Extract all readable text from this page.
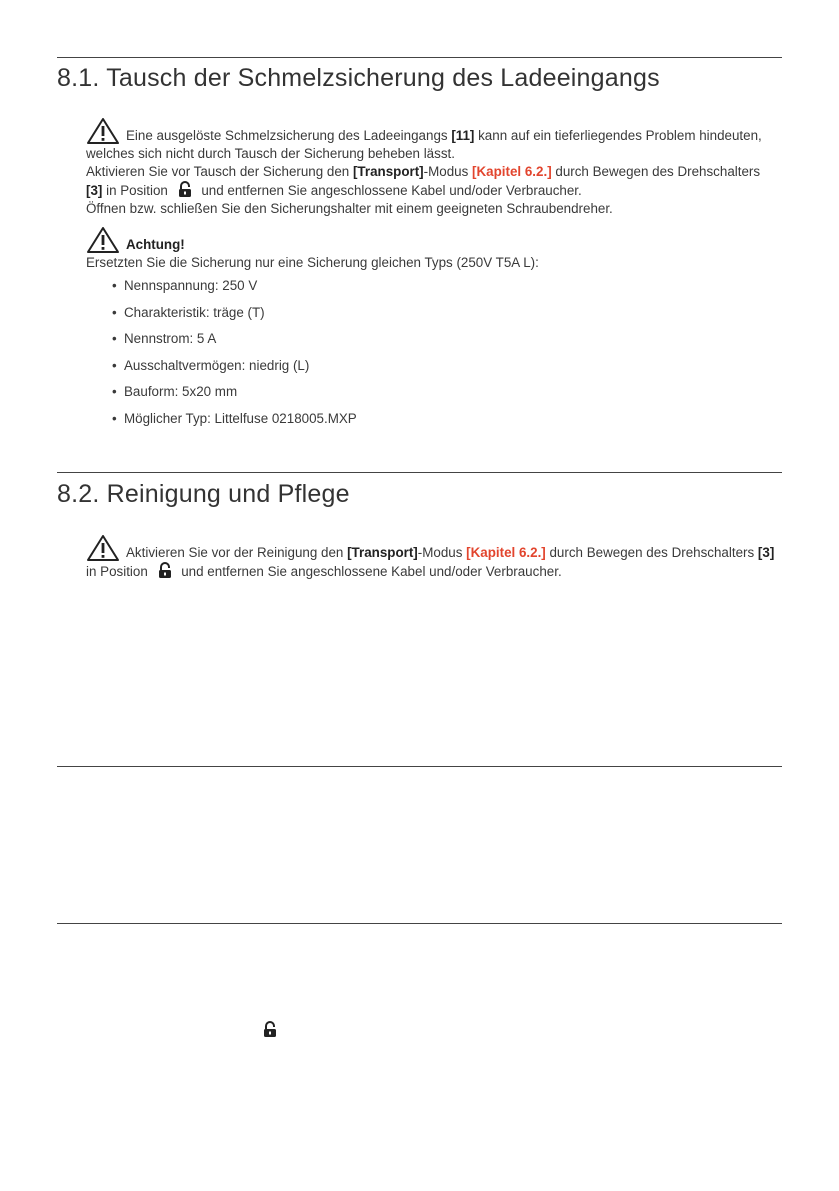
8.1. Tausch der Schmelzsicherung des Ladeeingangs
Eine ausgelöste Schmelzsicherung des Ladeeingangs [11] kann auf ein tieferliegendes Problem hindeuten, welches sich nicht durch Tausch der Sicherung beheben lässt.
Aktivieren Sie vor Tausch der Sicherung den [Transport]-Modus [Kapitel 6.2.] durch Bewegen des Drehschalters [3] in Position
und entfernen Sie angeschlossene Kabel und/oder Verbraucher.
Öffnen bzw. schließen Sie den Sicherungshalter mit einem geeigneten Schraubendreher.
Achtung!
Ersetzten Sie die Sicherung nur eine Sicherung gleichen Typs (250V T5A L):
• Nennspannung: 250 V
• Charakteristik: träge (T)
• Nennstrom: 5 A
• Ausschaltvermögen: niedrig (L)
• Bauform: 5x20 mm
• Möglicher Typ: Littelfuse 0218005.MXP
8.2. Reinigung und Pflege
Aktivieren Sie vor der Reinigung den [Transport]-Modus [Kapitel 6.2.] durch Bewegen des Drehschalters [3] in Position
und entfernen Sie angeschlossene Kabel und/oder Verbraucher.
